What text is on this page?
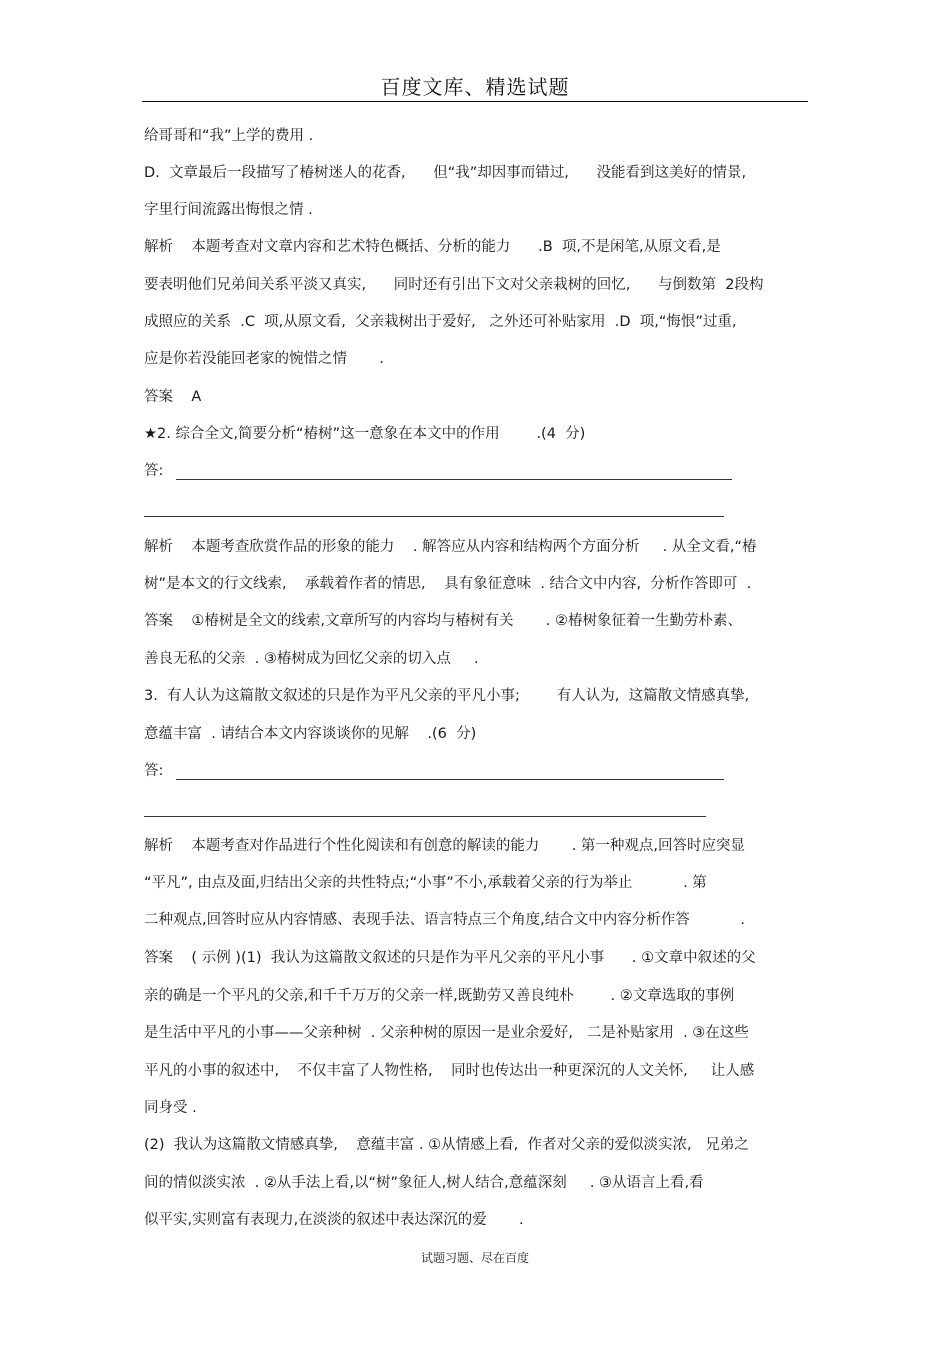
百度文库、精选试题
给哥哥和“我”上学的费用 .
D.  文章最后一段描写了椿树迷人的花香,      但“我”却因事而错过,      没能看到这美好的情景,
字里行间流露出悔恨之情 .
解析    本题考查对文章内容和艺术特色概括、分析的能力      .B  项,不是闲笔,从原文看,是
要表明他们兄弟间关系平淡又真实,      同时还有引出下文对父亲栽树的回忆,      与倒数第  2段构
成照应的关系  .C  项,从原文看,  父亲栽树出于爱好,   之外还可补贴家用  .D  项,“悔恨”过重,
应是你若没能回老家的惋惜之情       .
答案    A
★2. 综合全文,简要分析“椿树”这一意象在本文中的作用        .(4  分)
答:
解析    本题考查欣赏作品的形象的能力    . 解答应从内容和结构两个方面分析     . 从全文看,“椿
树”是本文的行文线索,    承载着作者的情思,    具有象征意味  . 结合文中内容,  分析作答即可  .
答案    ①椿树是全文的线索,文章所写的内容均与椿树有关       . ②椿树象征着一生勤劳朴素、
善良无私的父亲  . ③椿树成为回忆父亲的切入点     .
3.  有人认为这篇散文叙述的只是作为平凡父亲的平凡小事;        有人认为,  这篇散文情感真挚,
意蕴丰富  . 请结合本文内容谈谈你的见解    .(6  分)
答:
解析    本题考查对作品进行个性化阅读和有创意的解读的能力       . 第一种观点,回答时应突显
“平凡”, 由点及面,归结出父亲的共性特点;“小事”不小,承载着父亲的行为举止           . 第
二种观点,回答时应从内容情感、表现手法、语言特点三个角度,结合文中内容分析作答           .
答案    ( 示例 )(1)  我认为这篇散文叙述的只是作为平凡父亲的平凡小事      . ①文章中叙述的父
亲的确是一个平凡的父亲,和千千万万的父亲一样,既勤劳又善良纯朴        . ②文章选取的事例
是生活中平凡的小事——父亲种树  . 父亲种树的原因一是业余爱好,   二是补贴家用  . ③在这些
平凡的小事的叙述中,    不仅丰富了人物性格,    同时也传达出一种更深沉的人文关怀,     让人感
同身受 .
(2)  我认为这篇散文情感真挚,    意蕴丰富 . ①从情感上看,  作者对父亲的爱似淡实浓,   兄弟之
间的情似淡实浓  . ②从手法上看,以“树”象征人,树人结合,意蕴深刻     . ③从语言上看,看
似平实,实则富有表现力,在淡淡的叙述中表达深沉的爱       .
试题习题、尽在百度
